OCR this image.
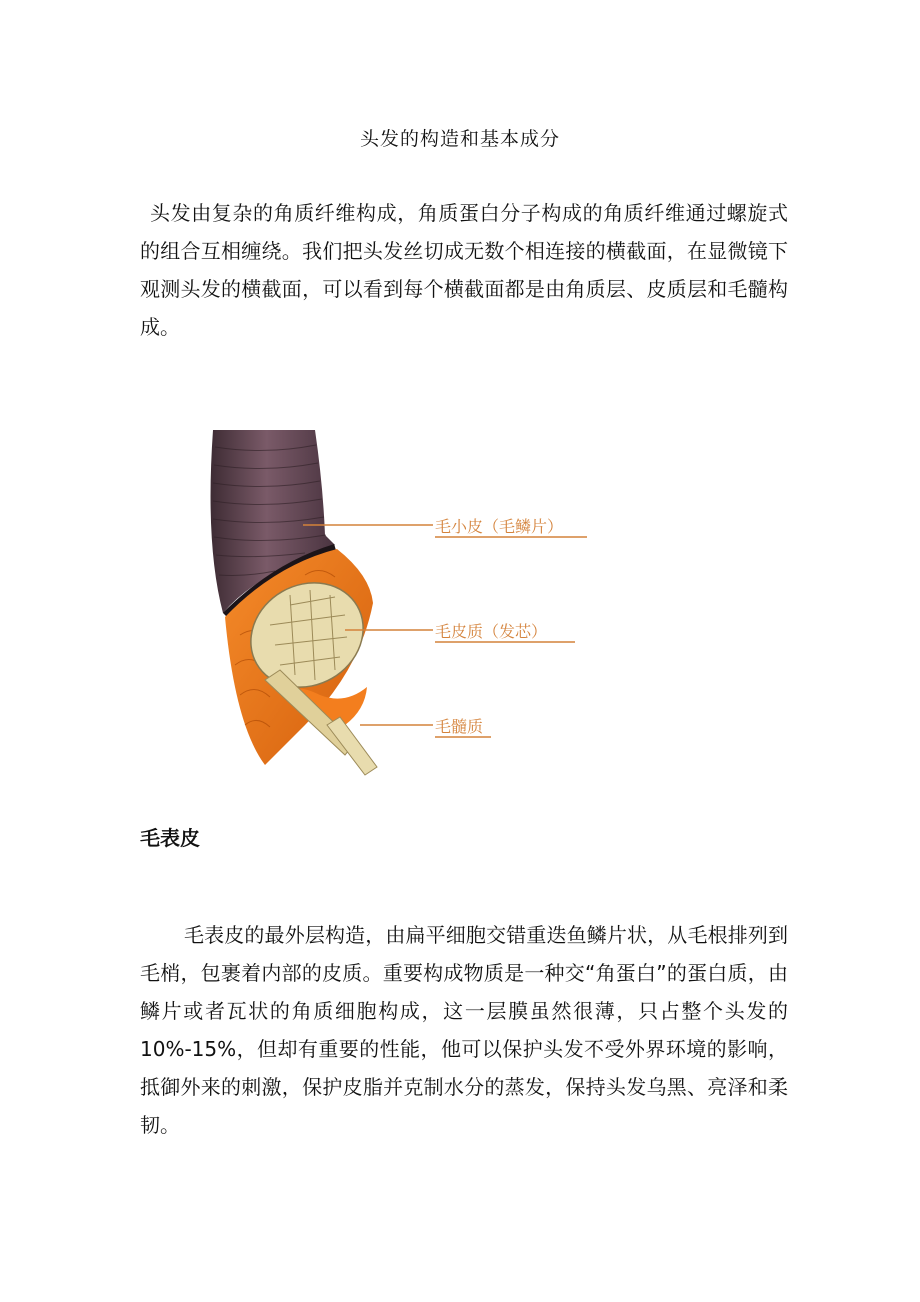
头发的构造和基本成分

头发由复杂的角质纤维构成，角质蛋白分子构成的角质纤维通过螺旋式的组合互相缠绕。我们把头发丝切成无数个相连接的横截面，在显微镜下观测头发的横截面，可以看到每个横截面都是由角质层、皮质层和毛髓构成。

毛小皮（毛鳞片）
毛皮质（发芯）
毛髓质
毛表皮

毛表皮的最外层构造，由扁平细胞交错重迭鱼鳞片状，从毛根排列到毛梢，包裹着内部的皮质。重要构成物质是一种交“角蛋白”的蛋白质，由鳞片或者瓦状的角质细胞构成，这一层膜虽然很薄，只占整个头发的10%-15%，但却有重要的性能，他可以保护头发不受外界环境的影响，抵御外来的刺激，保护皮脂并克制水分的蒸发，保持头发乌黑、亮泽和柔韧。
